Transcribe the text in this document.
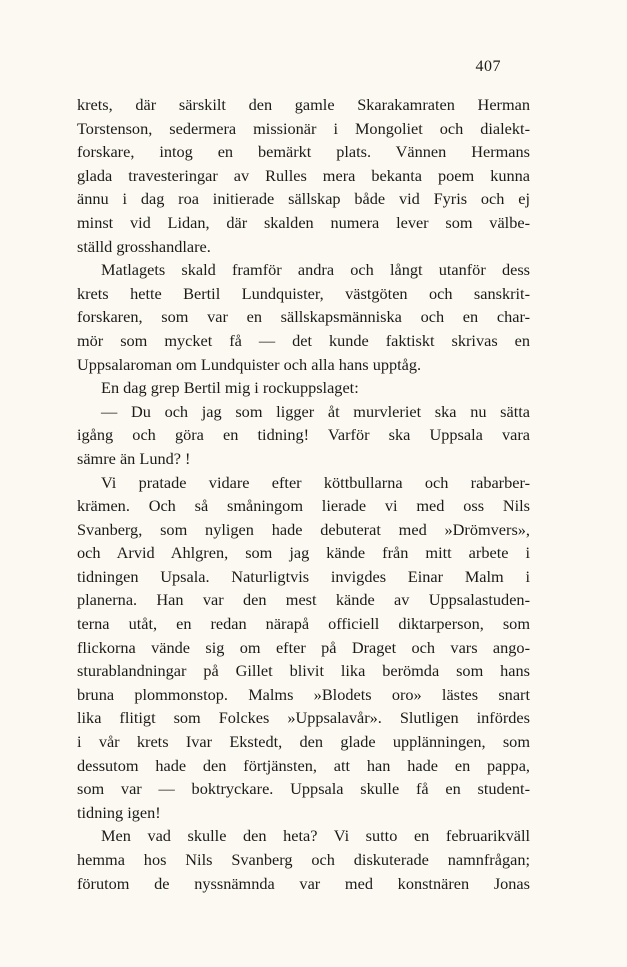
407
krets, där särskilt den gamle Skarakamraten Herman
Torstenson, sedermera missionär i Mongoliet och dialekt-
forskare, intog en bemärkt plats. Vännen Hermans
glada travesteringar av Rulles mera bekanta poem kunna
ännu i dag roa initierade sällskap både vid Fyris och ej
minst vid Lidan, där skalden numera lever som välbe-
ställd grosshandlare.
Matlagets skald framför andra och långt utanför dess
krets hette Bertil Lundquister, västgöten och sanskrit-
forskaren, som var en sällskapsmänniska och en char-
mör som mycket få — det kunde faktiskt skrivas en
Uppsalaroman om Lundquister och alla hans upptåg.
En dag grep Bertil mig i rockuppslaget:
— Du och jag som ligger åt murvleriet ska nu sätta
igång och göra en tidning! Varför ska Uppsala vara
sämre än Lund? !
Vi pratade vidare efter köttbullarna och rabarber-
krämen. Och så småningom lierade vi med oss Nils
Svanberg, som nyligen hade debuterat med »Drömvers»,
och Arvid Ahlgren, som jag kände från mitt arbete i
tidningen Upsala. Naturligtvis invigdes Einar Malm i
planerna. Han var den mest kände av Uppsalastuden-
terna utåt, en redan närapå officiell diktarperson, som
flickorna vände sig om efter på Draget och vars ango-
sturablandningar på Gillet blivit lika berömda som hans
bruna plommonstop. Malms »Blodets oro» lästes snart
lika flitigt som Folckes »Uppsalavår». Slutligen infördes
i vår krets Ivar Ekstedt, den glade upplänningen, som
dessutom hade den förtjänsten, att han hade en pappa,
som var — boktryckare. Uppsala skulle få en student-
tidning igen!
Men vad skulle den heta? Vi sutto en februarikväll
hemma hos Nils Svanberg och diskuterade namnfrågan;
förutom de nyssnämnda var med konstnären Jonas
